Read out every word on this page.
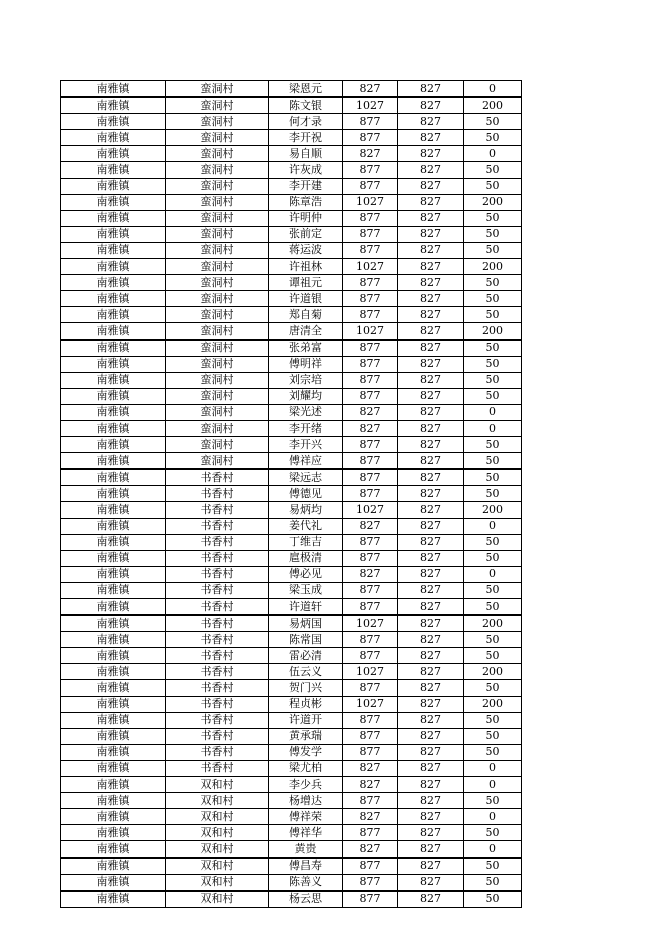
南雅镇	蛮洞村	梁恩元	827	827	0
南雅镇	蛮洞村	陈文银	1027	827	200
南雅镇	蛮洞村	何才录	877	827	50
南雅镇	蛮洞村	李开祝	877	827	50
南雅镇	蛮洞村	易自顺	827	827	0
南雅镇	蛮洞村	许灰成	877	827	50
南雅镇	蛮洞村	李开建	877	827	50
南雅镇	蛮洞村	陈章浩	1027	827	200
南雅镇	蛮洞村	许明仲	877	827	50
南雅镇	蛮洞村	张前定	877	827	50
南雅镇	蛮洞村	蒋运波	877	827	50
南雅镇	蛮洞村	许祖林	1027	827	200
南雅镇	蛮洞村	谭祖元	877	827	50
南雅镇	蛮洞村	许道银	877	827	50
南雅镇	蛮洞村	郑自菊	877	827	50
南雅镇	蛮洞村	唐清全	1027	827	200
南雅镇	蛮洞村	张弟富	877	827	50
南雅镇	蛮洞村	傅明祥	877	827	50
南雅镇	蛮洞村	刘宗培	877	827	50
南雅镇	蛮洞村	刘耀均	877	827	50
南雅镇	蛮洞村	梁光述	827	827	0
南雅镇	蛮洞村	李开绪	827	827	0
南雅镇	蛮洞村	李开兴	877	827	50
南雅镇	蛮洞村	傅祥应	877	827	50
南雅镇	书香村	梁远志	877	827	50
南雅镇	书香村	傅德见	877	827	50
南雅镇	书香村	易炳均	1027	827	200
南雅镇	书香村	姜代礼	827	827	0
南雅镇	书香村	丁维吉	877	827	50
南雅镇	书香村	扈极清	877	827	50
南雅镇	书香村	傅必见	827	827	0
南雅镇	书香村	梁玉成	877	827	50
南雅镇	书香村	许道轩	877	827	50
南雅镇	书香村	易炳国	1027	827	200
南雅镇	书香村	陈常国	877	827	50
南雅镇	书香村	雷必清	877	827	50
南雅镇	书香村	伍云义	1027	827	200
南雅镇	书香村	贺门兴	877	827	50
南雅镇	书香村	程贞彬	1027	827	200
南雅镇	书香村	许道开	877	827	50
南雅镇	书香村	黄承瑞	877	827	50
南雅镇	书香村	傅发学	877	827	50
南雅镇	书香村	梁尤柏	827	827	0
南雅镇	双和村	李少兵	827	827	0
南雅镇	双和村	杨增达	877	827	50
南雅镇	双和村	傅祥荣	827	827	0
南雅镇	双和村	傅祥华	877	827	50
南雅镇	双和村	黄贵	827	827	0
南雅镇	双和村	傅昌寿	877	827	50
南雅镇	双和村	陈善义	877	827	50
南雅镇	双和村	杨云思	877	827	50
